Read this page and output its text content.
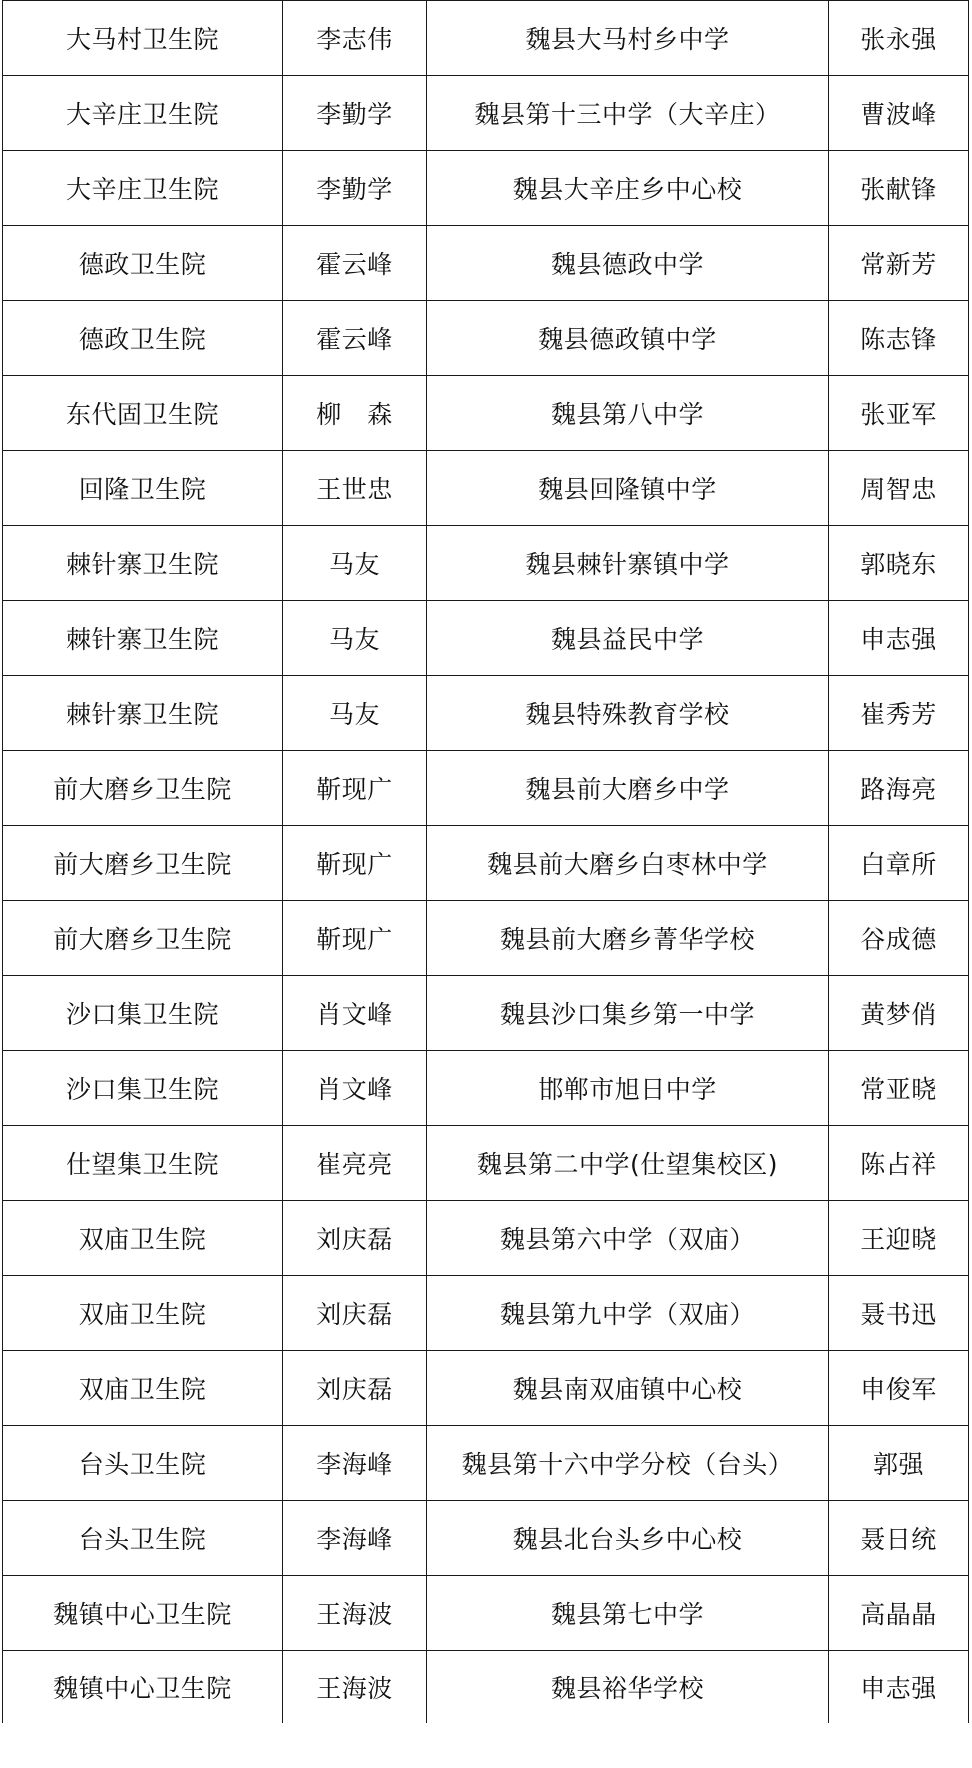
大马村卫生院	李志伟	魏县大马村乡中学	张永强
大辛庄卫生院	李勤学	魏县第十三中学（大辛庄）	曹波峰
大辛庄卫生院	李勤学	魏县大辛庄乡中心校	张献锋
德政卫生院	霍云峰	魏县德政中学	常新芳
德政卫生院	霍云峰	魏县德政镇中学	陈志锋
东代固卫生院	柳　森	魏县第八中学	张亚军
回隆卫生院	王世忠	魏县回隆镇中学	周智忠
棘针寨卫生院	马友	魏县棘针寨镇中学	郭晓东
棘针寨卫生院	马友	魏县益民中学	申志强
棘针寨卫生院	马友	魏县特殊教育学校	崔秀芳
前大磨乡卫生院	靳现广	魏县前大磨乡中学	路海亮
前大磨乡卫生院	靳现广	魏县前大磨乡白枣林中学	白章所
前大磨乡卫生院	靳现广	魏县前大磨乡菁华学校	谷成德
沙口集卫生院	肖文峰	魏县沙口集乡第一中学	黄梦俏
沙口集卫生院	肖文峰	邯郸市旭日中学	常亚晓
仕望集卫生院	崔亮亮	魏县第二中学(仕望集校区)	陈占祥
双庙卫生院	刘庆磊	魏县第六中学（双庙）	王迎晓
双庙卫生院	刘庆磊	魏县第九中学（双庙）	聂书迅
双庙卫生院	刘庆磊	魏县南双庙镇中心校	申俊军
台头卫生院	李海峰	魏县第十六中学分校（台头）	郭强
台头卫生院	李海峰	魏县北台头乡中心校	聂日统
魏镇中心卫生院	王海波	魏县第七中学	高晶晶
魏镇中心卫生院	王海波	魏县裕华学校	申志强
